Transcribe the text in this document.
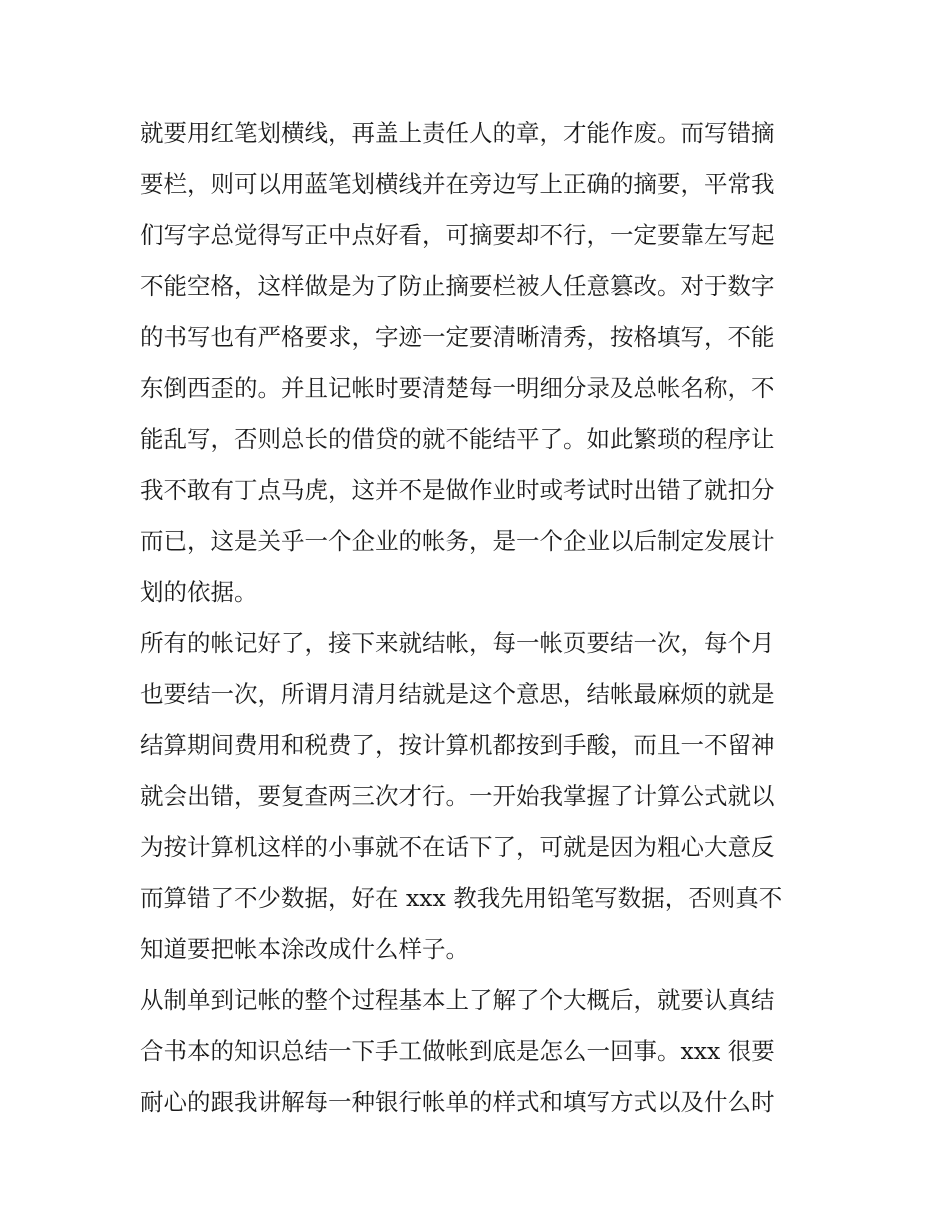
就要用红笔划横线，再盖上责任人的章，才能作废。而写错摘
要栏，则可以用蓝笔划横线并在旁边写上正确的摘要，平常我
们写字总觉得写正中点好看，可摘要却不行，一定要靠左写起
不能空格，这样做是为了防止摘要栏被人任意篡改。对于数字
的书写也有严格要求，字迹一定要清晰清秀，按格填写，不能
东倒西歪的。并且记帐时要清楚每一明细分录及总帐名称，不
能乱写，否则总长的借贷的就不能结平了。如此繁琐的程序让
我不敢有丁点马虎，这并不是做作业时或考试时出错了就扣分
而已，这是关乎一个企业的帐务，是一个企业以后制定发展计
划的依据。
所有的帐记好了，接下来就结帐，每一帐页要结一次，每个月
也要结一次，所谓月清月结就是这个意思，结帐最麻烦的就是
结算期间费用和税费了，按计算机都按到手酸，而且一不留神
就会出错，要复查两三次才行。一开始我掌握了计算公式就以
为按计算机这样的小事就不在话下了，可就是因为粗心大意反
而算错了不少数据，好在 xxx 教我先用铅笔写数据，否则真不
知道要把帐本涂改成什么样子。
从制单到记帐的整个过程基本上了解了个大概后，就要认真结
合书本的知识总结一下手工做帐到底是怎么一回事。xxx 很要
耐心的跟我讲解每一种银行帐单的样式和填写方式以及什么时
